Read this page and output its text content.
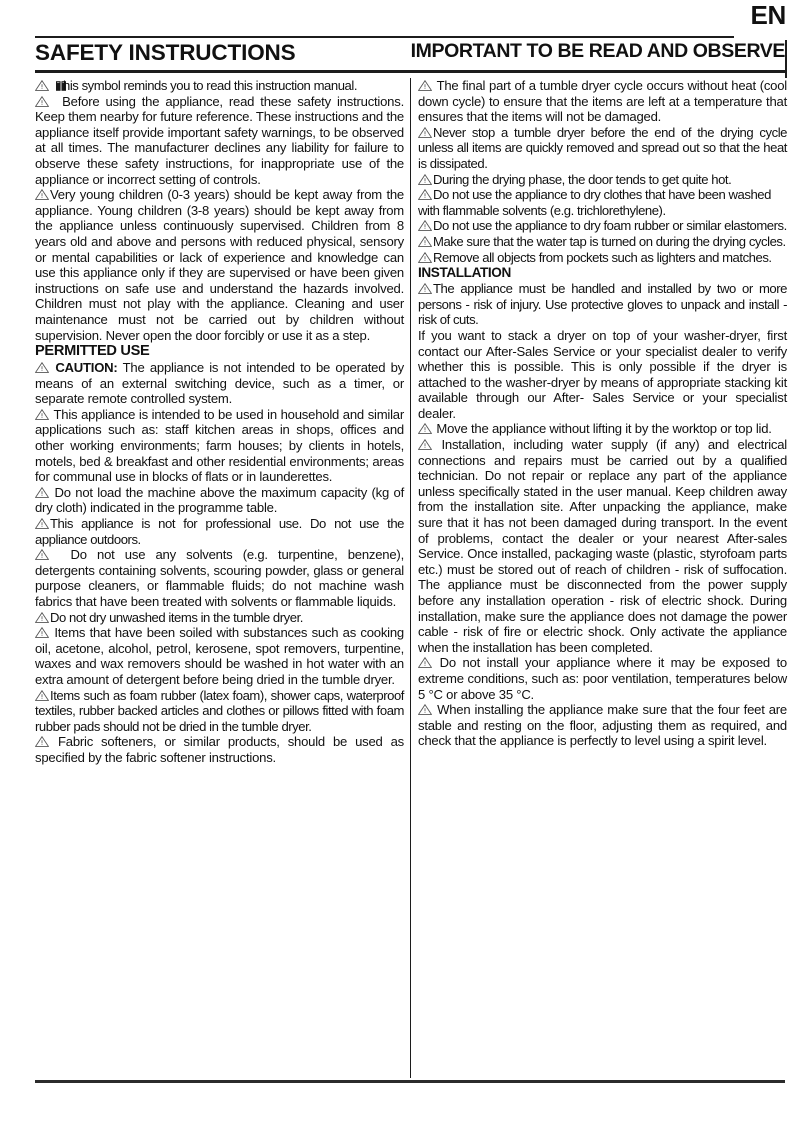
EN
SAFETY INSTRUCTIONS	IMPORTANT TO BE READ AND OBSERVE

his symbol reminds you to read this instruction manual.

Before using the appliance, read these safety instructions. Keep them nearby for future reference. These instructions and the appliance itself provide important safety warnings, to be observed at all times. The manufacturer declines any liability for failure to observe these safety instructions, for inappropriate use of the appliance or incorrect setting of controls.

Very young children (0-3 years) should be kept away from the appliance. Young children (3-8 years) should be kept away from the appliance unless continuously supervised. Children from 8 years old and above and persons with reduced physical, sensory or mental capabilities or lack of experience and knowledge can use this appliance only if they are supervised or have been given instructions on safe use and understand the hazards involved. Children must not play with the appliance. Cleaning and user maintenance must not be carried out by children without supervision. Never open the door forcibly or use it as a step.

PERMITTED USE

CAUTION: The appliance is not intended to be operated by means of an external switching device, such as a timer, or separate remote controlled system.

This appliance is intended to be used in household and similar applications such as: staff kitchen areas in shops, offices and other working environments; farm houses; by clients in hotels, motels, bed & breakfast and other residential environments; areas for communal use in blocks of flats or in launderettes.

Do not load the machine above the maximum capacity (kg of dry cloth) indicated in the programme table.

This appliance is not for professional use. Do not use the appliance outdoors.

Do not use any solvents (e.g. turpentine, benzene), detergents containing solvents, scouring powder, glass or general purpose cleaners, or flammable fluids; do not machine wash fabrics that have been treated with solvents or flammable liquids.

Do not dry unwashed items in the tumble dryer.

Items that have been soiled with substances such as cooking oil, acetone, alcohol, petrol, kerosene, spot removers, turpentine, waxes and wax removers should be washed in hot water with an extra amount of detergent before being dried in the tumble dryer.

Items such as foam rubber (latex foam), shower caps, waterproof textiles, rubber backed articles and clothes or pillows fitted with foam rubber pads should not be dried in the tumble dryer.

Fabric softeners, or similar products, should be used as specified by the fabric softener instructions.

The final part of a tumble dryer cycle occurs without heat (cool down cycle) to ensure that the items are left at a temperature that ensures that the items will not be damaged.

Never stop a tumble dryer before the end of the drying cycle unless all items are quickly removed and spread out so that the heat is dissipated.

During the drying phase, the door tends to get quite hot.

Do not use the appliance to dry clothes that have been washed with flammable solvents (e.g. trichlorethylene).

Do not use the appliance to dry foam rubber or similar elastomers.

Make sure that the water tap is turned on during the drying cycles.

Remove all objects from pockets such as lighters and matches.

INSTALLATION

The appliance must be handled and installed by two or more persons - risk of injury. Use protective gloves to unpack and install - risk of cuts.

If you want to stack a dryer on top of your washer-dryer, first contact our After-Sales Service or your specialist dealer to verify whether this is possible. This is only possible if the dryer is attached to the washer-dryer by means of appropriate stacking kit available through our After- Sales Service or your specialist dealer.

Move the appliance without lifting it by the worktop or top lid.

Installation, including water supply (if any) and electrical connections and repairs must be carried out by a qualified technician. Do not repair or replace any part of the appliance unless specifically stated in the user manual. Keep children away from the installation site. After unpacking the appliance, make sure that it has not been damaged during transport. In the event of problems, contact the dealer or your nearest After-sales Service. Once installed, packaging waste (plastic, styrofoam parts etc.) must be stored out of reach of children - risk of suffocation. The appliance must be disconnected from the power supply before any installation operation - risk of electric shock. During installation, make sure the appliance does not damage the power cable - risk of fire or electric shock. Only activate the appliance when the installation has been completed.

Do not install your appliance where it may be exposed to extreme conditions, such as: poor ventilation, temperatures below 5 °C or above 35 °C.

When installing the appliance make sure that the four feet are stable and resting on the floor, adjusting them as required, and check that the appliance is perfectly to level using a spirit level.
